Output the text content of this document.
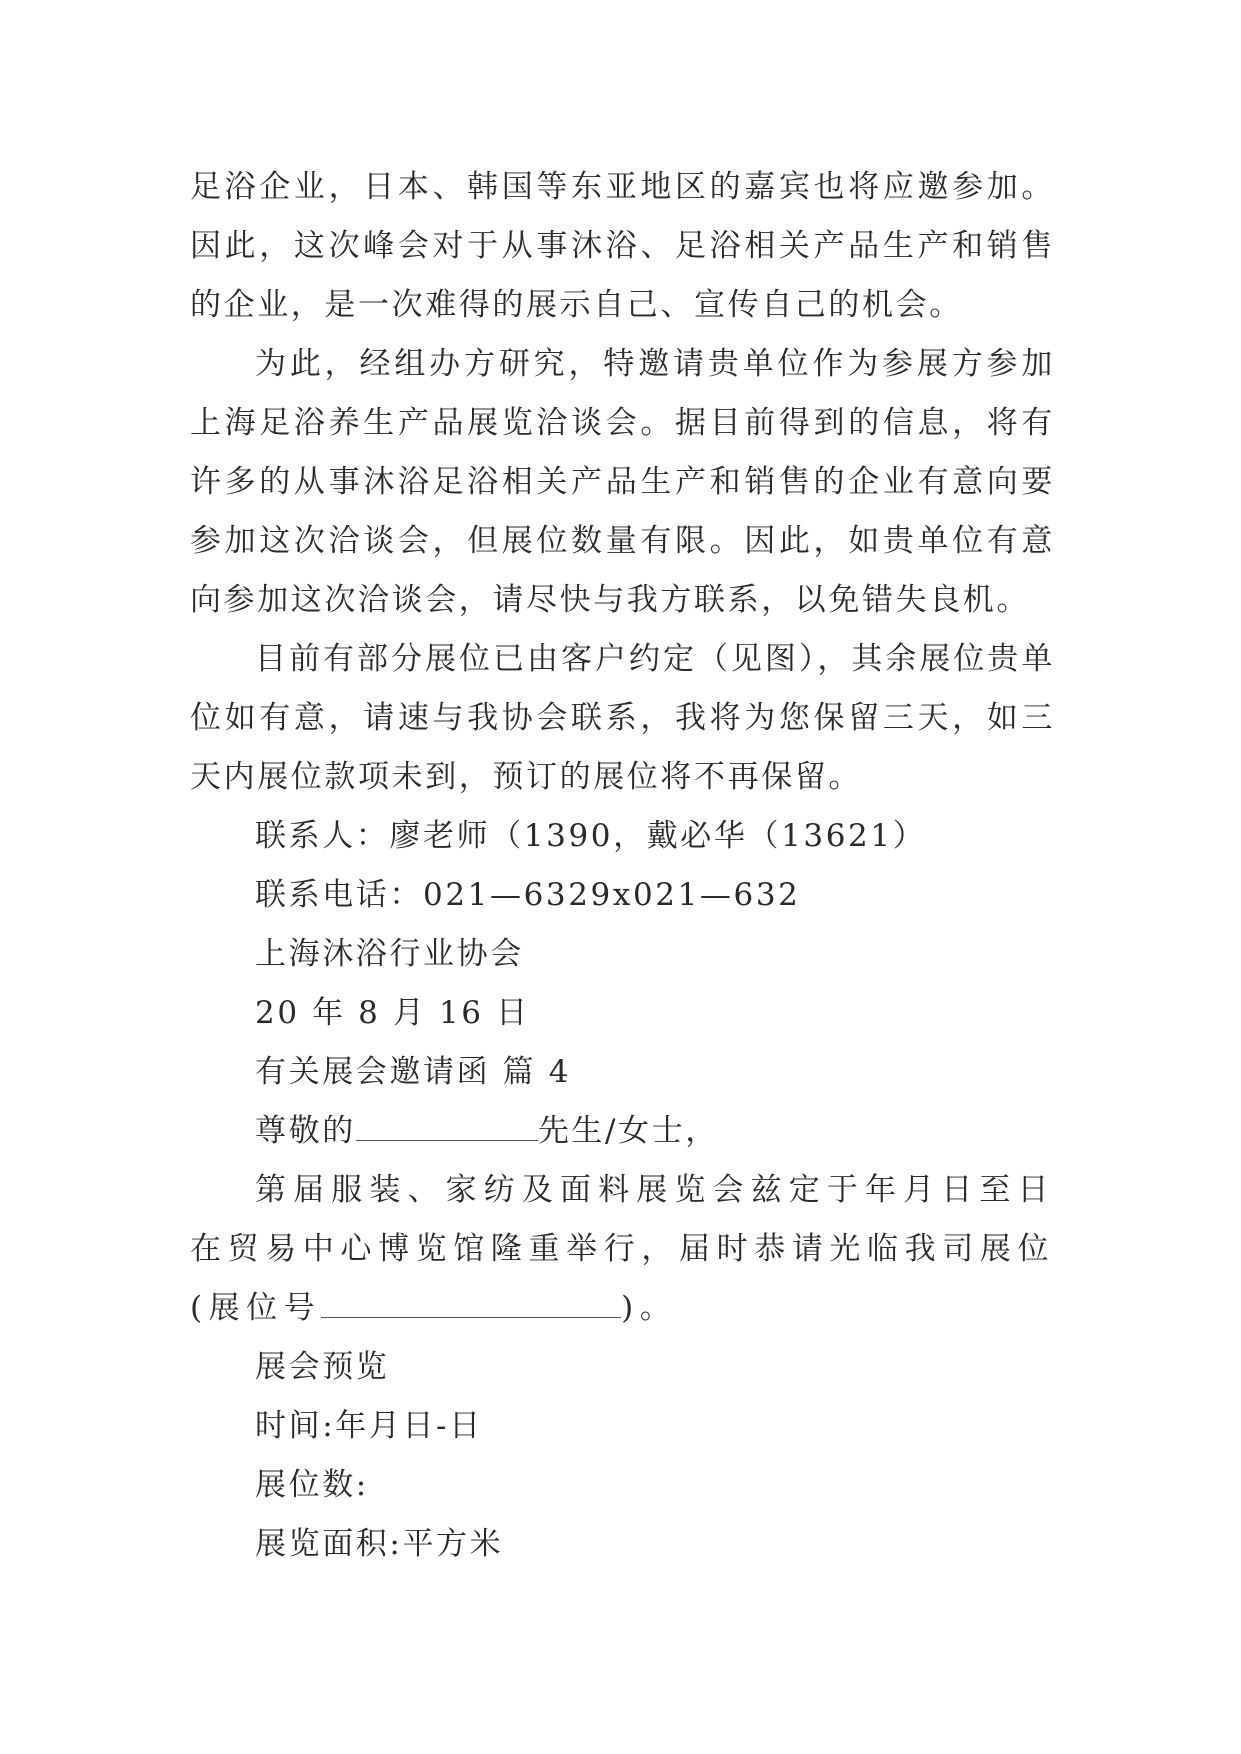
足浴企业，日本、韩国等东亚地区的嘉宾也将应邀参加。因此，这次峰会对于从事沐浴、足浴相关产品生产和销售的企业，是一次难得的展示自己、宣传自己的机会。

为此，经组办方研究，特邀请贵单位作为参展方参加上海足浴养生产品展览洽谈会。据目前得到的信息，将有许多的从事沐浴足浴相关产品生产和销售的企业有意向要参加这次洽谈会，但展位数量有限。因此，如贵单位有意向参加这次洽谈会，请尽快与我方联系，以免错失良机。

目前有部分展位已由客户约定（见图），其余展位贵单位如有意，请速与我协会联系，我将为您保留三天，如三天内展位款项未到，预订的展位将不再保留。

联系人：廖老师（1390，戴必华（13621）

联系电话：021—6329x021—632

上海沐浴行业协会

20 年 8 月 16 日

有关展会邀请函 篇 4

尊敬的	先生/女士，

第届服装、家纺及面料展览会兹定于年月日至日在贸易中心博览馆隆重举行，届时恭请光临我司展位(展位号	)。

展会预览

时间:年月日-日

展位数:

展览面积:平方米
